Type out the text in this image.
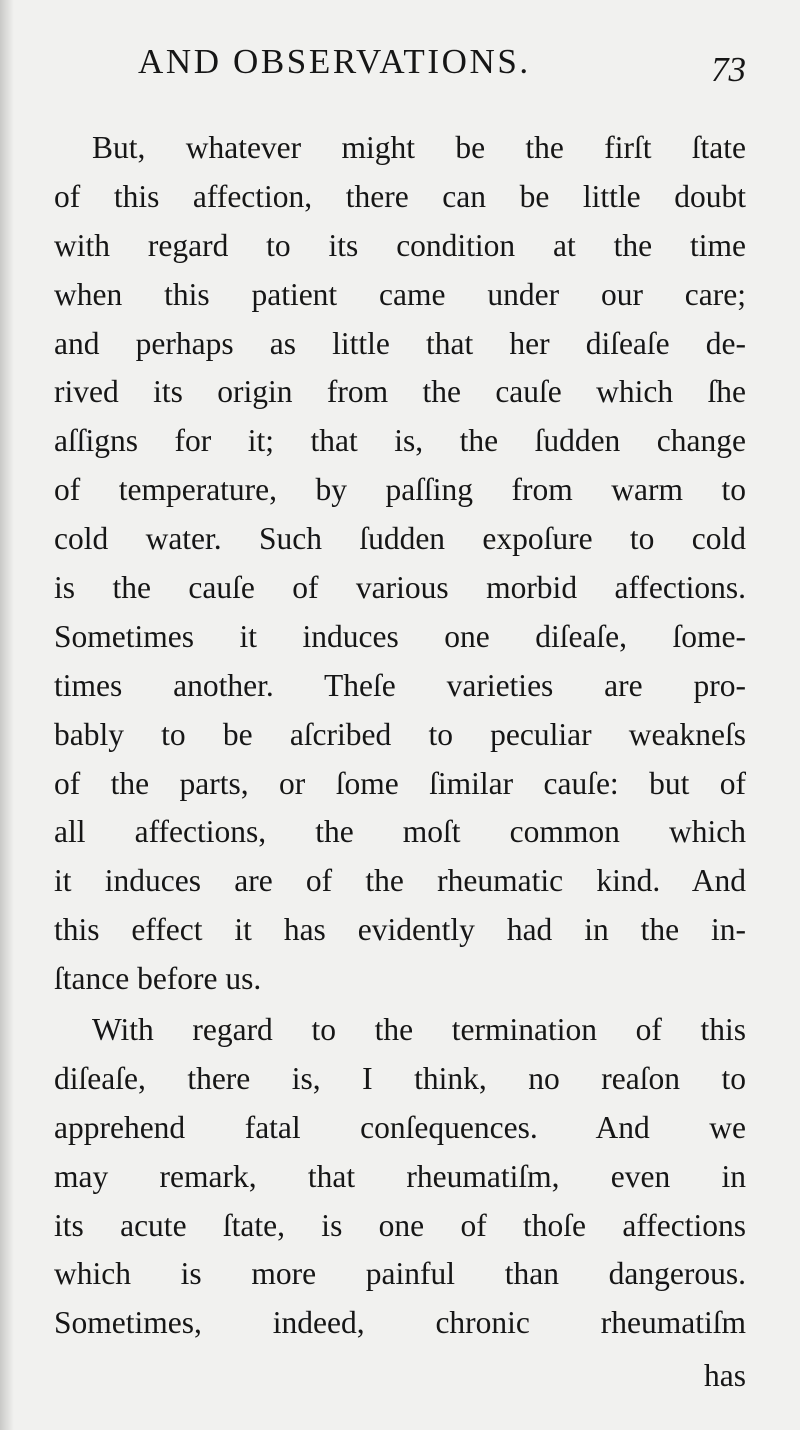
AND OBSERVATIONS.	73
But, whatever might be the firſt ſtate
of this affection, there can be little doubt
with regard to its condition at the time
when this patient came under our care;
and perhaps as little that her diſeaſe de-
rived its origin from the cauſe which ſhe
aſſigns for it; that is, the ſudden change
of temperature, by paſſing from warm to
cold water. Such ſudden expoſure to cold
is the cauſe of various morbid affections.
Sometimes it induces one diſeaſe, ſome-
times another. Theſe varieties are pro-
bably to be aſcribed to peculiar weakneſs
of the parts, or ſome ſimilar cauſe: but of
all affections, the moſt common which
it induces are of the rheumatic kind. And
this effect it has evidently had in the in-
ſtance before us.
With regard to the termination of this
diſeaſe, there is, I think, no reaſon to
apprehend fatal conſequences. And we
may remark, that rheumatiſm, even in
its acute ſtate, is one of thoſe affections
which is more painful than dangerous.
Sometimes, indeed, chronic rheumatiſm
has
